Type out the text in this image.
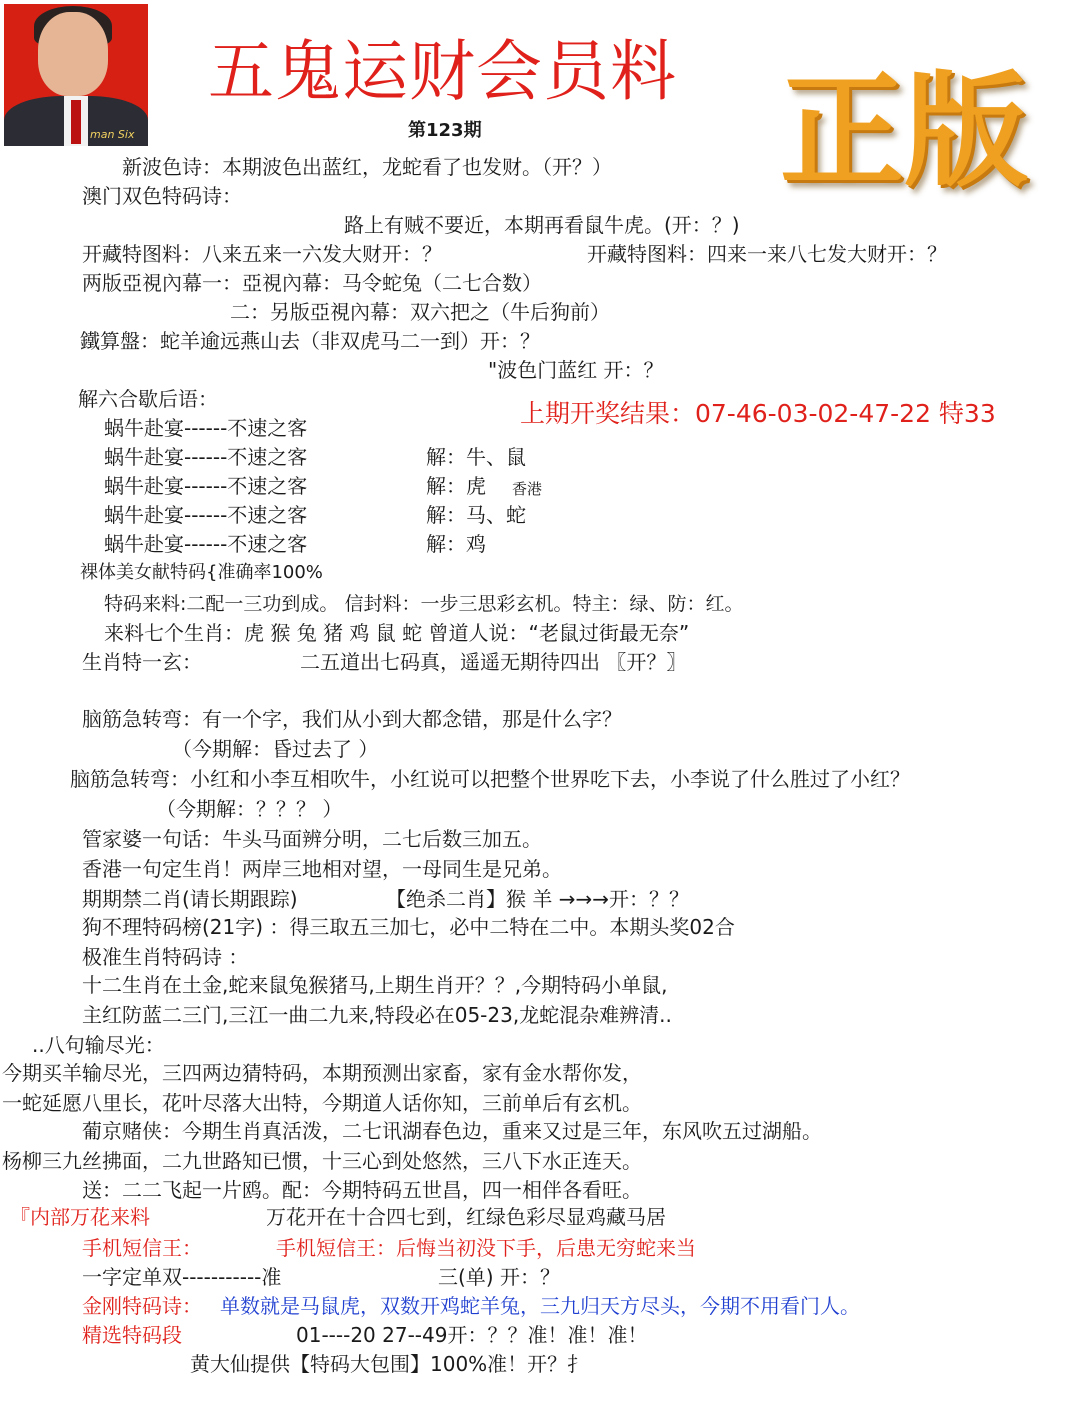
man Six
五鬼运财会员料
第123期 正版
上期开奖结果：07-46-03-02-47-22 特33
新波色诗：本期波色出蓝红，龙蛇看了也发财。（开？）
澳门双色特码诗：
路上有贼不要近，本期再看鼠牛虎。(开：？)
开藏特图料：八来五来一六发大财开：？	开藏特图料：四来一来八七发大财开：？
两版亞視內幕一：亞視內幕：马令蛇兔（二七合数）
二：另版亞視內幕：双六把之（牛后狗前）
鐵算盤：蛇羊逾远燕山去（非双虎马二一到）开：？
"波色门蓝红 开：？
解六合歇后语：
蜗牛赴宴------不速之客
蜗牛赴宴------不速之客	解：牛、鼠
蜗牛赴宴------不速之客	解：虎 香港
蜗牛赴宴------不速之客	解：马、蛇
蜗牛赴宴------不速之客	解：鸡
裸体美女献特码{准确率100%
特码来料:二配一三功到成。 信封料：一步三思彩玄机。特主：绿、防：红。
来料七个生肖：虎 猴 兔 猪 鸡 鼠 蛇 曾道人说：“老鼠过街最无奈”
生肖特一玄：	二五道出七码真，遥遥无期待四出 〖开？〗
脑筋急转弯：有一个字，我们从小到大都念错，那是什么字？
（今期解：昏过去了 ）
脑筋急转弯：小红和小李互相吹牛，小红说可以把整个世界吃下去，小李说了什么胜过了小红？
（今期解：？？？ ）
管家婆一句话：牛头马面辨分明，二七后数三加五。
香港一句定生肖！两岸三地相对望，一母同生是兄弟。
期期禁二肖(请长期跟踪)	【绝杀二肖】猴 羊 →→→开：？？
狗不理特码榜(21字) ：得三取五三加七，必中二特在二中。本期头奖02合
极准生肖特码诗 ：
十二生肖在土金,蛇来鼠兔猴猪马,上期生肖开？？,今期特码小单鼠,
主红防蓝二三门,三江一曲二九来,特段必在05-23,龙蛇混杂难辨清..
..八句输尽光：
今期买羊输尽光，三四两边猜特码，本期预测出家畜，家有金水帮你发，
一蛇延愿八里长，花叶尽落大出特，今期道人话你知，三前单后有玄机。
葡京赌侠：今期生肖真活泼，二七讯湖春色边，重来又过是三年，东风吹五过湖船。
杨柳三九丝拂面，二九世路知已惯，十三心到处悠然，三八下水正连天。
送：二二飞起一片鸥。配：今期特码五世昌，四一相伴各看旺。
『内部万花来料	万花开在十合四七到，红绿色彩尽显鸡藏马居
手机短信王：	手机短信王：后悔当初没下手，后患无穷蛇来当
一字定单双-----------准	三(单) 开：？
金刚特码诗： 单数就是马鼠虎，双数开鸡蛇羊兔，三九归天方尽头，今期不用看门人。
精选特码段	01----20 27--49开：？？准！准！准！
黄大仙提供【特码大包围】100%准！开？扌
